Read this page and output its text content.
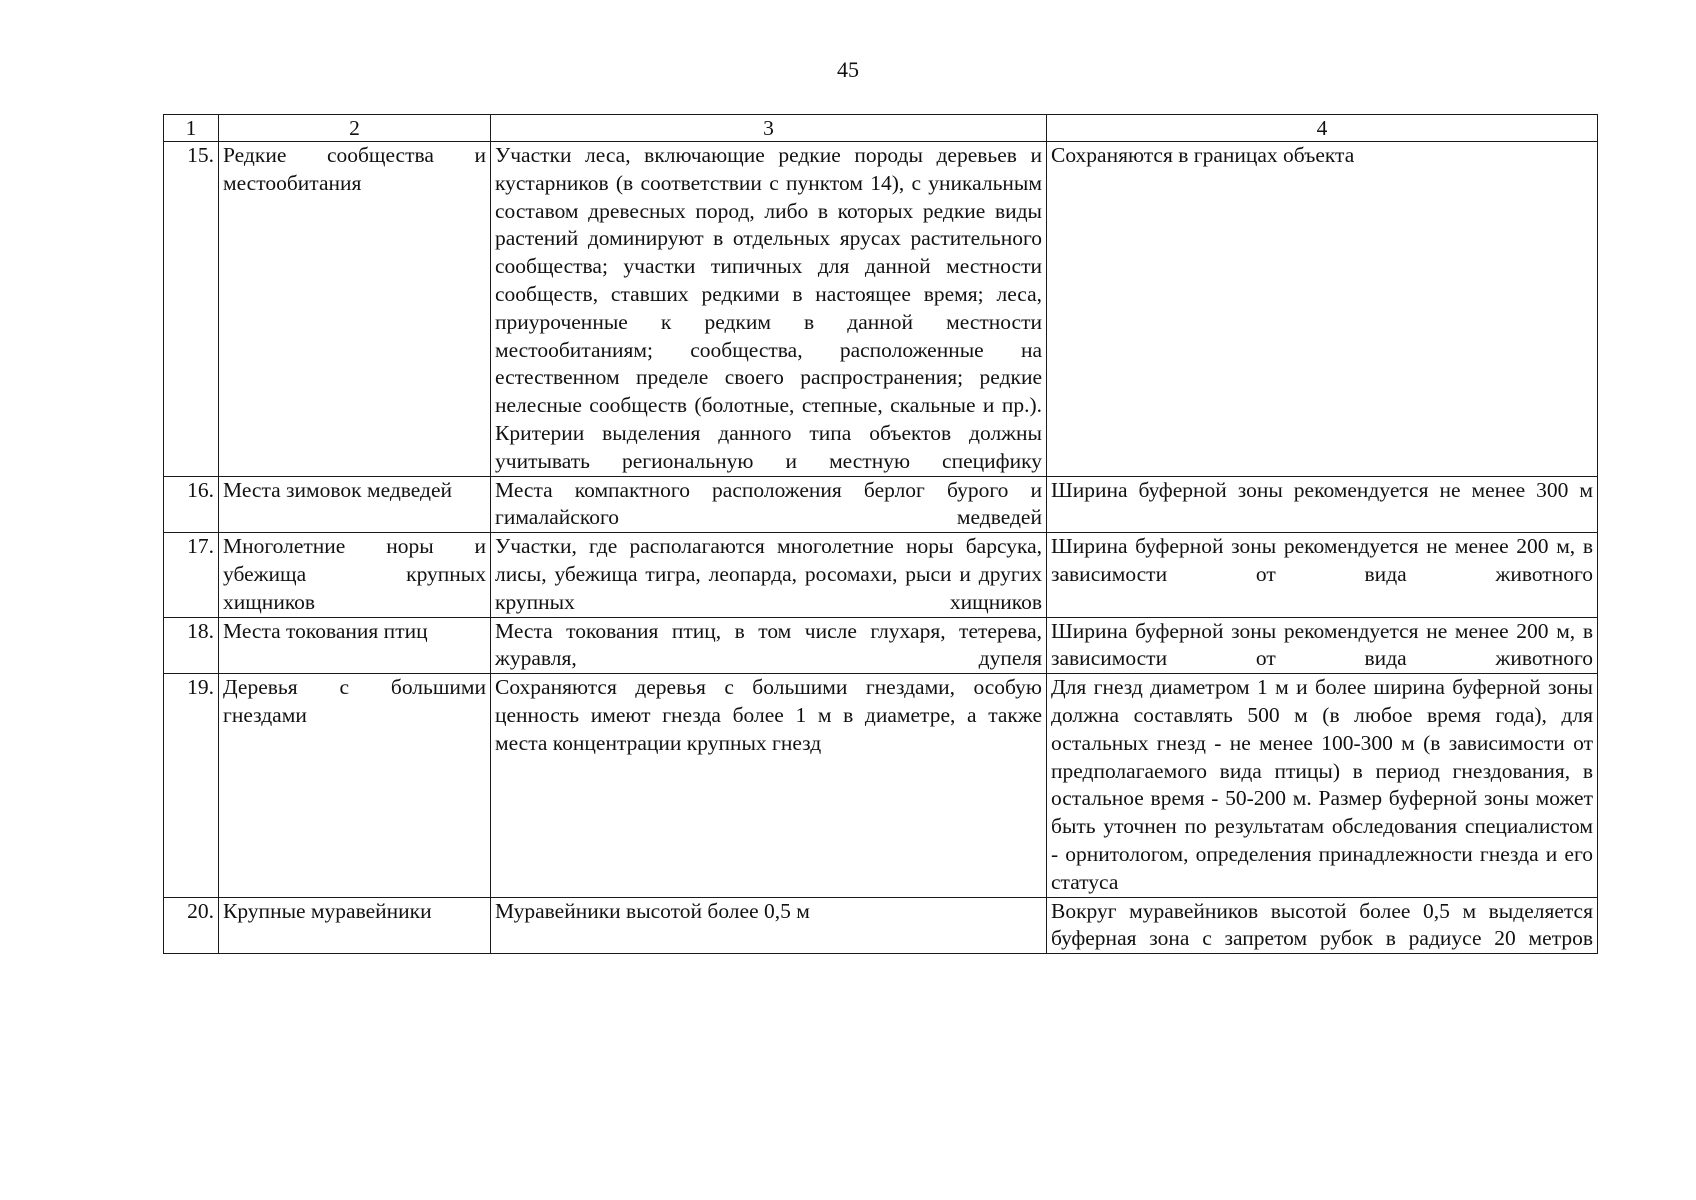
45
1	2	3	4
15.	Редкие сообщества и местообитания	Участки леса, включающие редкие породы деревьев и кустарников (в соответствии с пунктом 14), с уникальным составом древесных пород, либо в которых редкие виды растений доминируют в отдельных ярусах растительного сообщества; участки типичных для данной местности сообществ, ставших редкими в настоящее время; леса, приуроченные к редким в данной местности местообитаниям; сообщества, расположенные на естественном пределе своего распространения; редкие нелесные сообществ (болотные, степные, скальные и пр.). Критерии выделения данного типа объектов должны учитывать региональную и местную специфику	Сохраняются в границах объекта
16.	Места зимовок медведей	Места компактного расположения берлог бурого и гималайского медведей	Ширина буферной зоны рекомендуется не менее 300 м
17.	Многолетние норы и убежища крупных хищников	Участки, где располагаются многолетние норы барсука, лисы, убежища тигра, леопарда, росомахи, рыси и других крупных хищников	Ширина буферной зоны рекомендуется не менее 200 м, в зависимости от вида животного
18.	Места токования птиц	Места токования птиц, в том числе глухаря, тетерева, журавля, дупеля	Ширина буферной зоны рекомендуется не менее 200 м, в зависимости от вида животного
19.	Деревья с большими гнездами	Сохраняются деревья с большими гнездами, особую ценность имеют гнезда более 1 м в диаметре, а также места концентрации крупных гнезд	Для гнезд диаметром 1 м и более ширина буферной зоны должна составлять 500 м (в любое время года), для остальных гнезд - не менее 100-300 м (в зависимости от предполагаемого вида птицы) в период гнездования, в остальное время - 50-200 м. Размер буферной зоны может быть уточнен по результатам обследования специалистом - орнитологом, определения принадлежности гнезда и его статуса
20.	Крупные муравейники	Муравейники высотой более 0,5 м	Вокруг муравейников высотой более 0,5 м выделяется буферная зона с запретом рубок в радиусе 20 метров
